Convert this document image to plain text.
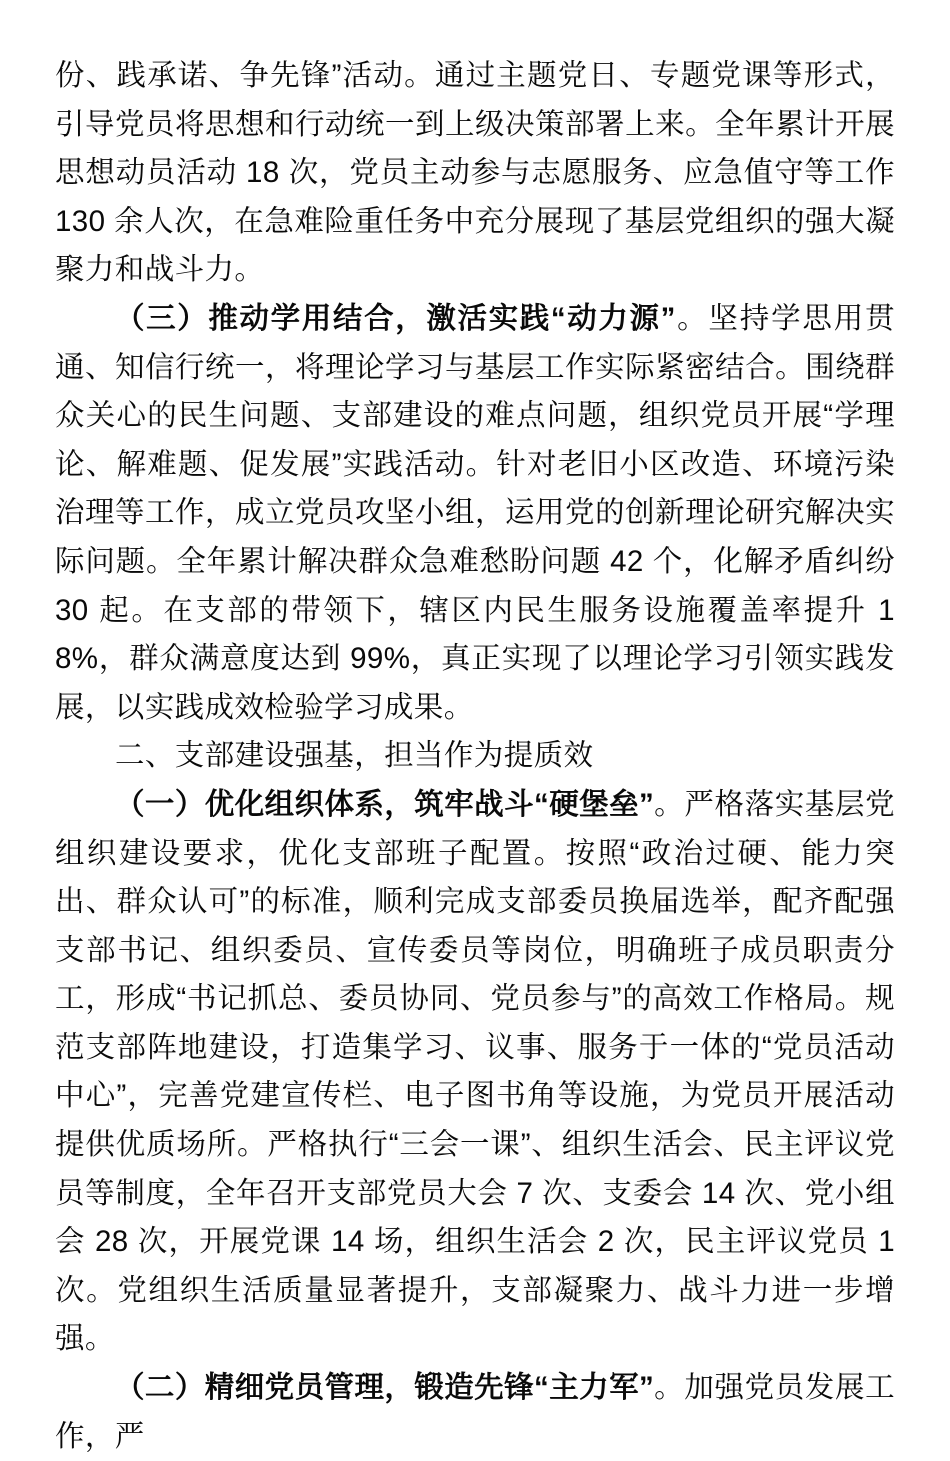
份、践承诺、争先锋”活动。通过主题党日、专题党课等形式，引导党员将思想和行动统一到上级决策部署上来。全年累计开展思想动员活动 18 次，党员主动参与志愿服务、应急值守等工作 130 余人次，在急难险重任务中充分展现了基层党组织的强大凝聚力和战斗力。

（三）推动学用结合，激活实践“动力源”。坚持学思用贯通、知信行统一，将理论学习与基层工作实际紧密结合。围绕群众关心的民生问题、支部建设的难点问题，组织党员开展“学理论、解难题、促发展”实践活动。针对老旧小区改造、环境污染治理等工作，成立党员攻坚小组，运用党的创新理论研究解决实际问题。全年累计解决群众急难愁盼问题 42 个，化解矛盾纠纷 30 起。在支部的带领下，辖区内民生服务设施覆盖率提升 18%，群众满意度达到 99%，真正实现了以理论学习引领实践发展，以实践成效检验学习成果。

二、支部建设强基，担当作为提质效

（一）优化组织体系，筑牢战斗“硬堡垒”。严格落实基层党组织建设要求，优化支部班子配置。按照“政治过硬、能力突出、群众认可”的标准，顺利完成支部委员换届选举，配齐配强支部书记、组织委员、宣传委员等岗位，明确班子成员职责分工，形成“书记抓总、委员协同、党员参与”的高效工作格局。规范支部阵地建设，打造集学习、议事、服务于一体的“党员活动中心”，完善党建宣传栏、电子图书角等设施，为党员开展活动提供优质场所。严格执行“三会一课”、组织生活会、民主评议党员等制度，全年召开支部党员大会 7 次、支委会 14 次、党小组会 28 次，开展党课 14 场，组织生活会 2 次，民主评议党员 1 次。党组织生活质量显著提升，支部凝聚力、战斗力进一步增强。

（二）精细党员管理，锻造先锋“主力军”。加强党员发展工作，严
